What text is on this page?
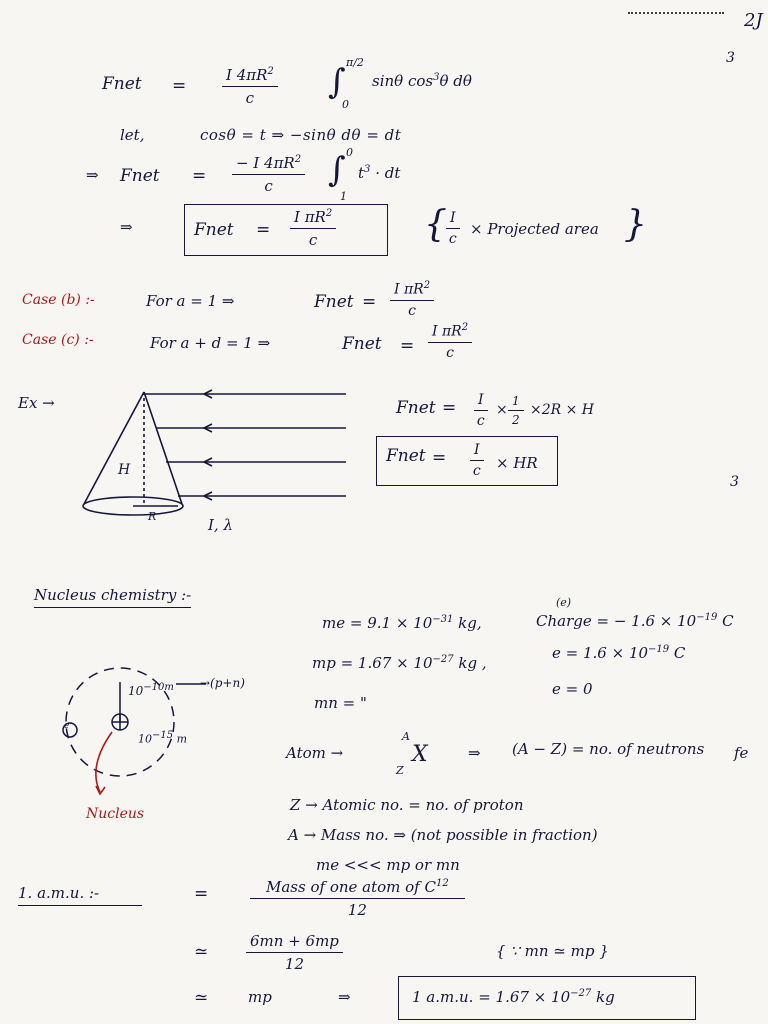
2J
3
3
Fnet = $\frac{I 4\pi R^2}{c}$ ∫ π/2
0
sinθ $\cos^3\theta$ dθ
let,	cosθ = t ⇒ −sinθ dθ = dt
⇒ Fnet = $\frac{- I 4\pi R^2}{c}$ ∫ 0
1
$t^3$ · dt
⇒	Fnet = $\frac{I \pi R^2}{c}$ { $\frac{I}{c}$ × Projected area }
Case (b) :-	For a = 1 ⇒	Fnet = $\frac{I \pi R^2}{c}$
Case (c) :-	For a + d = 1 ⇒	Fnet = $\frac{I \pi R^2}{c}$
Ex →
H
R	I, λ
Fnet = $\frac{I}{c} \times \frac{1}{2} \times 2R \times H$
Fnet = $\frac{I}{c}$ × HR
Nucleus chemistry :-
me = $9.1 \times 10^{-31}$ kg,
mp = $1.67 \times 10^{-27}$ kg ,
mn = "
(e)
Charge = − $1.6 \times 10^{-19}$ C
$e = 1.6 \times 10^{-19}$ C
e = 0
$10^{-10m} \to(p+n)$
$10^{-15}$ m
e⁻
Nucleus
Atom →
A
X
Z
⇒ (A − Z) = no. of neutrons fe
Z → Atomic no. = no. of proton
A → Mass no. ⇒ (not possible in fraction)
me <<< mp or mn
1. a.m.u. :-	=	Mass of one atom of $C^{12}$
12
≃	$\frac{6mn + 6mp}{12}$	{ ∵ mn ≃ mp }
≃	mp	⇒	1 a.m.u. = $1.67 \times 10^{-27}$ kg
